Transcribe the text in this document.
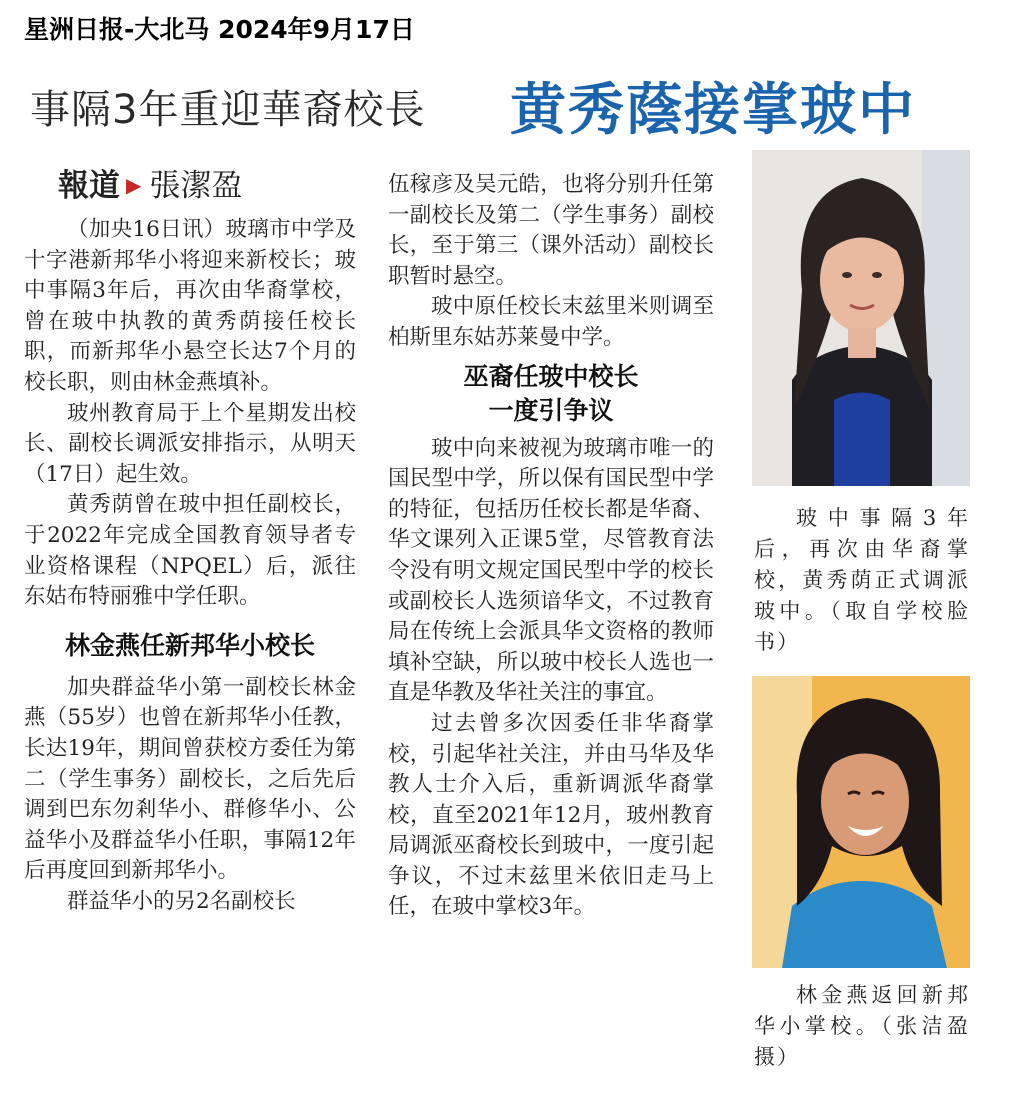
星洲日报-大北马 2024年9月17日
事隔3年重迎華裔校長 黄秀蔭接掌玻中
報道 ▶ 張潔盈

（加央16日讯）玻璃市中学及十字港新邦华小将迎来新校长；玻中事隔3年后，再次由华裔掌校，曾在玻中执教的黄秀荫接任校长职，而新邦华小悬空长达7个月的校长职，则由林金燕填补。

玻州教育局于上个星期发出校长、副校长调派安排指示，从明天（17日）起生效。

黄秀荫曾在玻中担任副校长，于2022年完成全国教育领导者专业资格课程（NPQEL）后，派往东姑布特丽雅中学任职。

林金燕任新邦华小校长

加央群益华小第一副校长林金燕（55岁）也曾在新邦华小任教，长达19年，期间曾获校方委任为第二（学生事务）副校长，之后先后调到巴东勿剎华小、群修华小、公益华小及群益华小任职，事隔12年后再度回到新邦华小。

群益华小的另2名副校长

伍稼彦及吴元皓，也将分别升任第一副校长及第二（学生事务）副校长，至于第三（课外活动）副校长职暂时悬空。

玻中原任校长末兹里米则调至柏斯里东姑苏莱曼中学。

巫裔任玻中校长
一度引争议

玻中向来被视为玻璃市唯一的国民型中学，所以保有国民型中学的特征，包括历任校长都是华裔、华文课列入正课5堂，尽管教育法令没有明文规定国民型中学的校长或副校长人选须谙华文，不过教育局在传统上会派具华文资格的教师填补空缺，所以玻中校长人选也一直是华教及华社关注的事宜。

过去曾多次因委任非华裔掌校，引起华社关注，并由马华及华教人士介入后，重新调派华裔掌校，直至2021年12月，玻州教育局调派巫裔校长到玻中，一度引起争议，不过末兹里米依旧走马上任，在玻中掌校3年。

玻中事隔3年后，再次由华裔掌校，黄秀荫正式调派玻中。（取自学校脸书）
林金燕返回新邦华小掌校。（张洁盈摄）
